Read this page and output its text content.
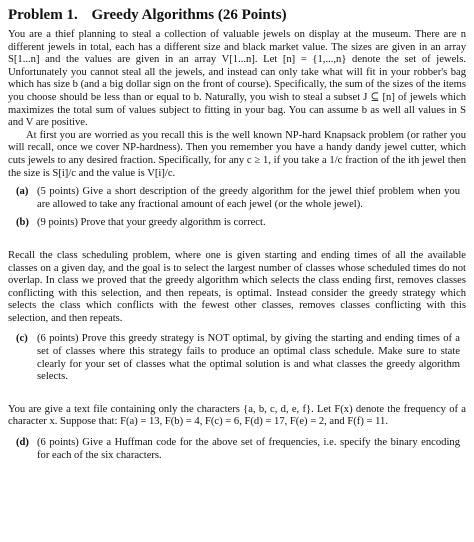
Problem 1. Greedy Algorithms (26 Points)

You are a thief planning to steal a collection of valuable jewels on display at the museum. There are n different jewels in total, each has a different size and black market value. The sizes are given in an array S[1...n] and the values are given in an array V[1...n]. Let [n] = {1,...,n} denote the set of jewels. Unfortunately you cannot steal all the jewels, and instead can only take what will fit in your robber's bag which has size b (and a big dollar sign on the front of course). Specifically, the sum of the sizes of the items you choose should be less than or equal to b. Naturally, you wish to steal a subset J ⊆ [n] of jewels which maximizes the total sum of values subject to fitting in your bag. You can assume b as well all values in S and V are positive.

At first you are worried as you recall this is the well known NP-hard Knapsack problem (or rather you will recall, once we cover NP-hardness). Then you remember you have a handy dandy jewel cutter, which cuts jewels to any desired fraction. Specifically, for any c ≥ 1, if you take a 1/c fraction of the ith jewel then the size is S[i]/c and the value is V[i]/c.

(a) (5 points) Give a short description of the greedy algorithm for the jewel thief problem when you are allowed to take any fractional amount of each jewel (or the whole jewel).
(b) (9 points) Prove that your greedy algorithm is correct.

Recall the class scheduling problem, where one is given starting and ending times of all the available classes on a given day, and the goal is to select the largest number of classes whose scheduled times do not overlap. In class we proved that the greedy algorithm which selects the class ending first, removes classes conflicting with this selection, and then repeats, is optimal. Instead consider the greedy strategy which selects the class which conflicts with the fewest other classes, removes classes conflicting with this selection, and then repeats.

(c) (6 points) Prove this greedy strategy is NOT optimal, by giving the starting and ending times of a set of classes where this strategy fails to produce an optimal class schedule. Make sure to state clearly for your set of classes what the optimal solution is and what classes the greedy algorithm selects.

You are give a text file containing only the characters {a, b, c, d, e, f}. Let F(x) denote the frequency of a character x. Suppose that: F(a) = 13, F(b) = 4, F(c) = 6, F(d) = 17, F(e) = 2, and F(f) = 11.

(d) (6 points) Give a Huffman code for the above set of frequencies, i.e. specify the binary encoding for each of the six characters.
